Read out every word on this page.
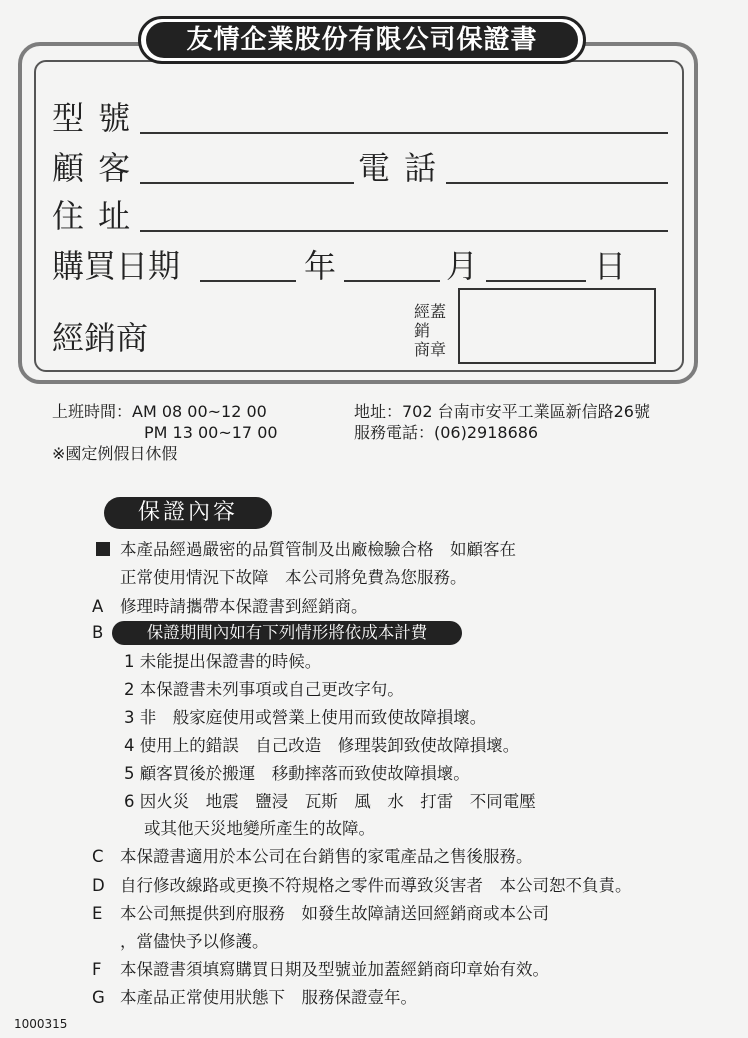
友情企業股份有限公司保證書
型 號
顧 客	電 話
住 址
購買日期	年	月	日
經銷商
經蓋
銷
商章
上班時間：AM 08 00~12 00
PM 13 00~17 00
※國定例假日休假
地址：702 台南市安平工業區新信路26號
服務電話：(06)2918686
保證內容
本產品經過嚴密的品質管制及出廠檢驗合格　如顧客在
正常使用情況下故障　本公司將免費為您服務。
A 修理時請攜帶本保證書到經銷商。
B	保證期間內如有下列情形將依成本計費
1 未能提出保證書的時候。
2 本保證書未列事項或自己更改字句。
3 非　般家庭使用或營業上使用而致使故障損壞。
4 使用上的錯誤　自己改造　修理裝卸致使故障損壞。
5 顧客買後於搬運　移動摔落而致使故障損壞。
6 因火災　地震　鹽浸　瓦斯　風　水　打雷　不同電壓
或其他天災地變所產生的故障。
C 本保證書適用於本公司在台銷售的家電產品之售後服務。
D 自行修改線路或更換不符規格之零件而導致災害者　本公司恕不負責。
E 本公司無提供到府服務　如發生故障請送回經銷商或本公司
，當儘快予以修護。
F 本保證書須填寫購買日期及型號並加蓋經銷商印章始有效。
G 本產品正常使用狀態下　服務保證壹年。
1000315
